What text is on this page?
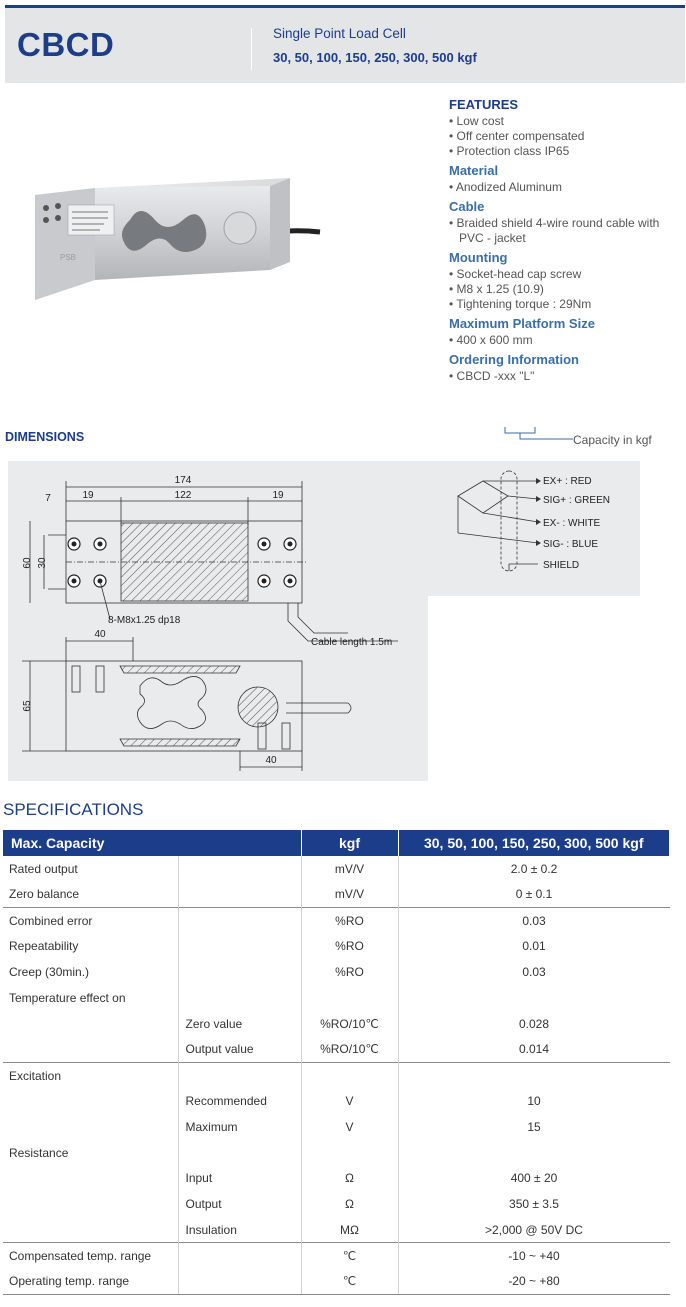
CBCD	Single Point Load Cell
30, 50, 100, 150, 250, 300, 500 kgf
PSB
FEATURES
• Low cost
• Off center compensated
• Protection class IP65
Material
• Anodized Aluminum
Cable
• Braided shield 4-wire round cable with PVC - jacket
Mounting
• Socket-head cap screw
• M8 x 1.25 (10.9)
• Tightening torque : 29Nm
Maximum Platform Size
• 400 x 600 mm
Ordering Information
• CBCD -xxx "L"
Capacity in kgf
DIMENSIONS
174
122
7	19	19
60 30
8-M8x1.25 dp18
Cable length 1.5m
40
65
40
EX+ : RED
SIG+ : GREEN
EX- : WHITE
SIG- : BLUE
SHIELD
SPECIFICATIONS
Max. Capacity		kgf	30, 50, 100, 150, 250, 300, 500 kgf
Rated output		mV/V	2.0 ± 0.2
Zero balance		mV/V	0 ± 0.1
Combined error		%RO	0.03
Repeatability		%RO	0.01
Creep (30min.)		%RO	0.03
Temperature effect on			
	Zero value	%RO/10℃	0.028
	Output value	%RO/10℃	0.014
Excitation			
	Recommended	V	10
	Maximum	V	15
Resistance			
	Input	Ω	400 ± 20
	Output	Ω	350 ± 3.5
	Insulation	MΩ	>2,000 @ 50V DC
Compensated temp. range		℃	-10 ~ +40
Operating temp. range		℃	-20 ~ +80
